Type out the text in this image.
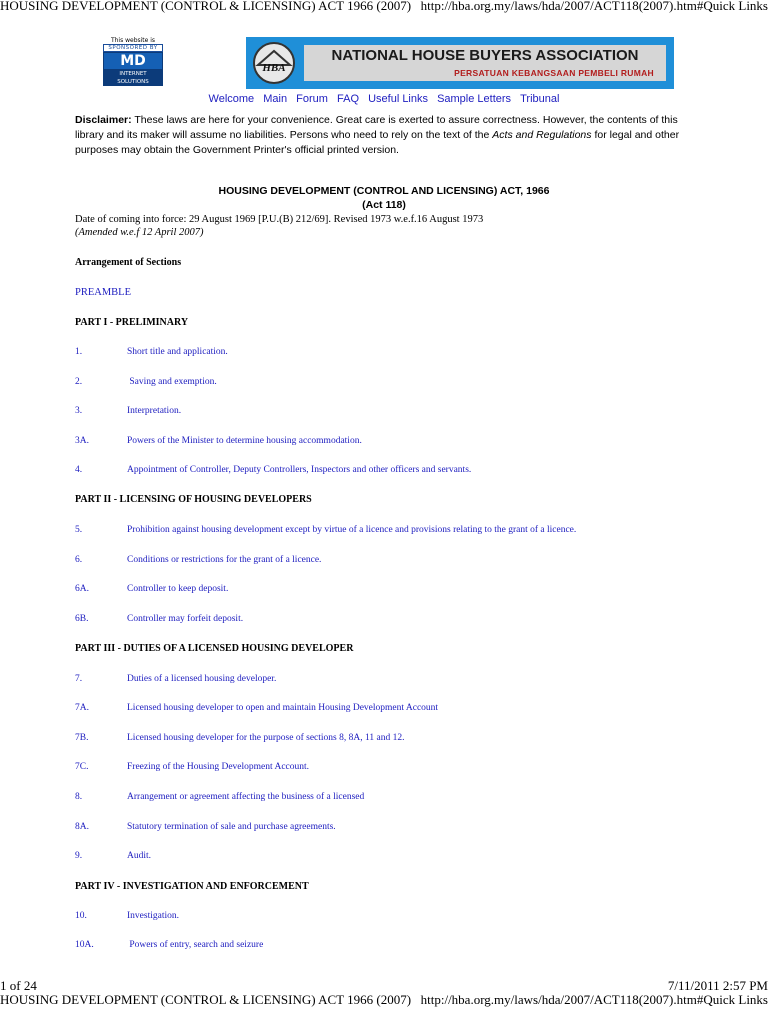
HOUSING DEVELOPMENT (CONTROL & LICENSING) ACT 1966 (2007) http://hba.org.my/laws/hda/2007/ACT118(2007).htm#Quick Links
This website is
SPONSORED BY
MD
INTERNET SOLUTIONS
HBA
NATIONAL HOUSE BUYERS ASSOCIATION
PERSATUAN KEBANGSAAN PEMBELI RUMAH
Welcome Main Forum FAQ Useful Links Sample Letters Tribunal
Disclaimer: These laws are here for your convenience. Great care is exerted to assure correctness. However, the contents of this library and its maker will assume no liabilities. Persons who need to rely on the text of the Acts and Regulations for legal and other purposes may obtain the Government Printer's official printed version.
HOUSING DEVELOPMENT (CONTROL AND LICENSING) ACT, 1966
(Act 118)
Date of coming into force: 29 August 1969 [P.U.(B) 212/69]. Revised 1973 w.e.f.16 August 1973
(Amended w.e.f 12 April 2007)
Arrangement of Sections
PREAMBLE
PART I - PRELIMINARY
PART II - LICENSING OF HOUSING DEVELOPERS
PART III - DUTIES OF A LICENSED HOUSING DEVELOPER
PART IV - INVESTIGATION AND ENFORCEMENT
1.	Short title and application.
2.	Saving and exemption.
3.	Interpretation.
3A.	Powers of the Minister to determine housing accommodation.
4.	Appointment of Controller, Deputy Controllers, Inspectors and other officers and servants.
5.	Prohibition against housing development except by virtue of a licence and provisions relating to the grant of a licence.
6.	Conditions or restrictions for the grant of a licence.
6A.	Controller to keep deposit.
6B.	Controller may forfeit deposit.
7.	Duties of a licensed housing developer.
7A.	Licensed housing developer to open and maintain Housing Development Account
7B.	Licensed housing developer for the purpose of sections 8, 8A, 11 and 12.
7C.	Freezing of the Housing Development Account.
8.	Arrangement or agreement affecting the business of a licensed
8A.	Statutory termination of sale and purchase agreements.
9.	Audit.
10.	Investigation.
10A.	Powers of entry, search and seizure
1 of 24	7/11/2011 2:57 PM
HOUSING DEVELOPMENT (CONTROL & LICENSING) ACT 1966 (2007) http://hba.org.my/laws/hda/2007/ACT118(2007).htm#Quick Links
